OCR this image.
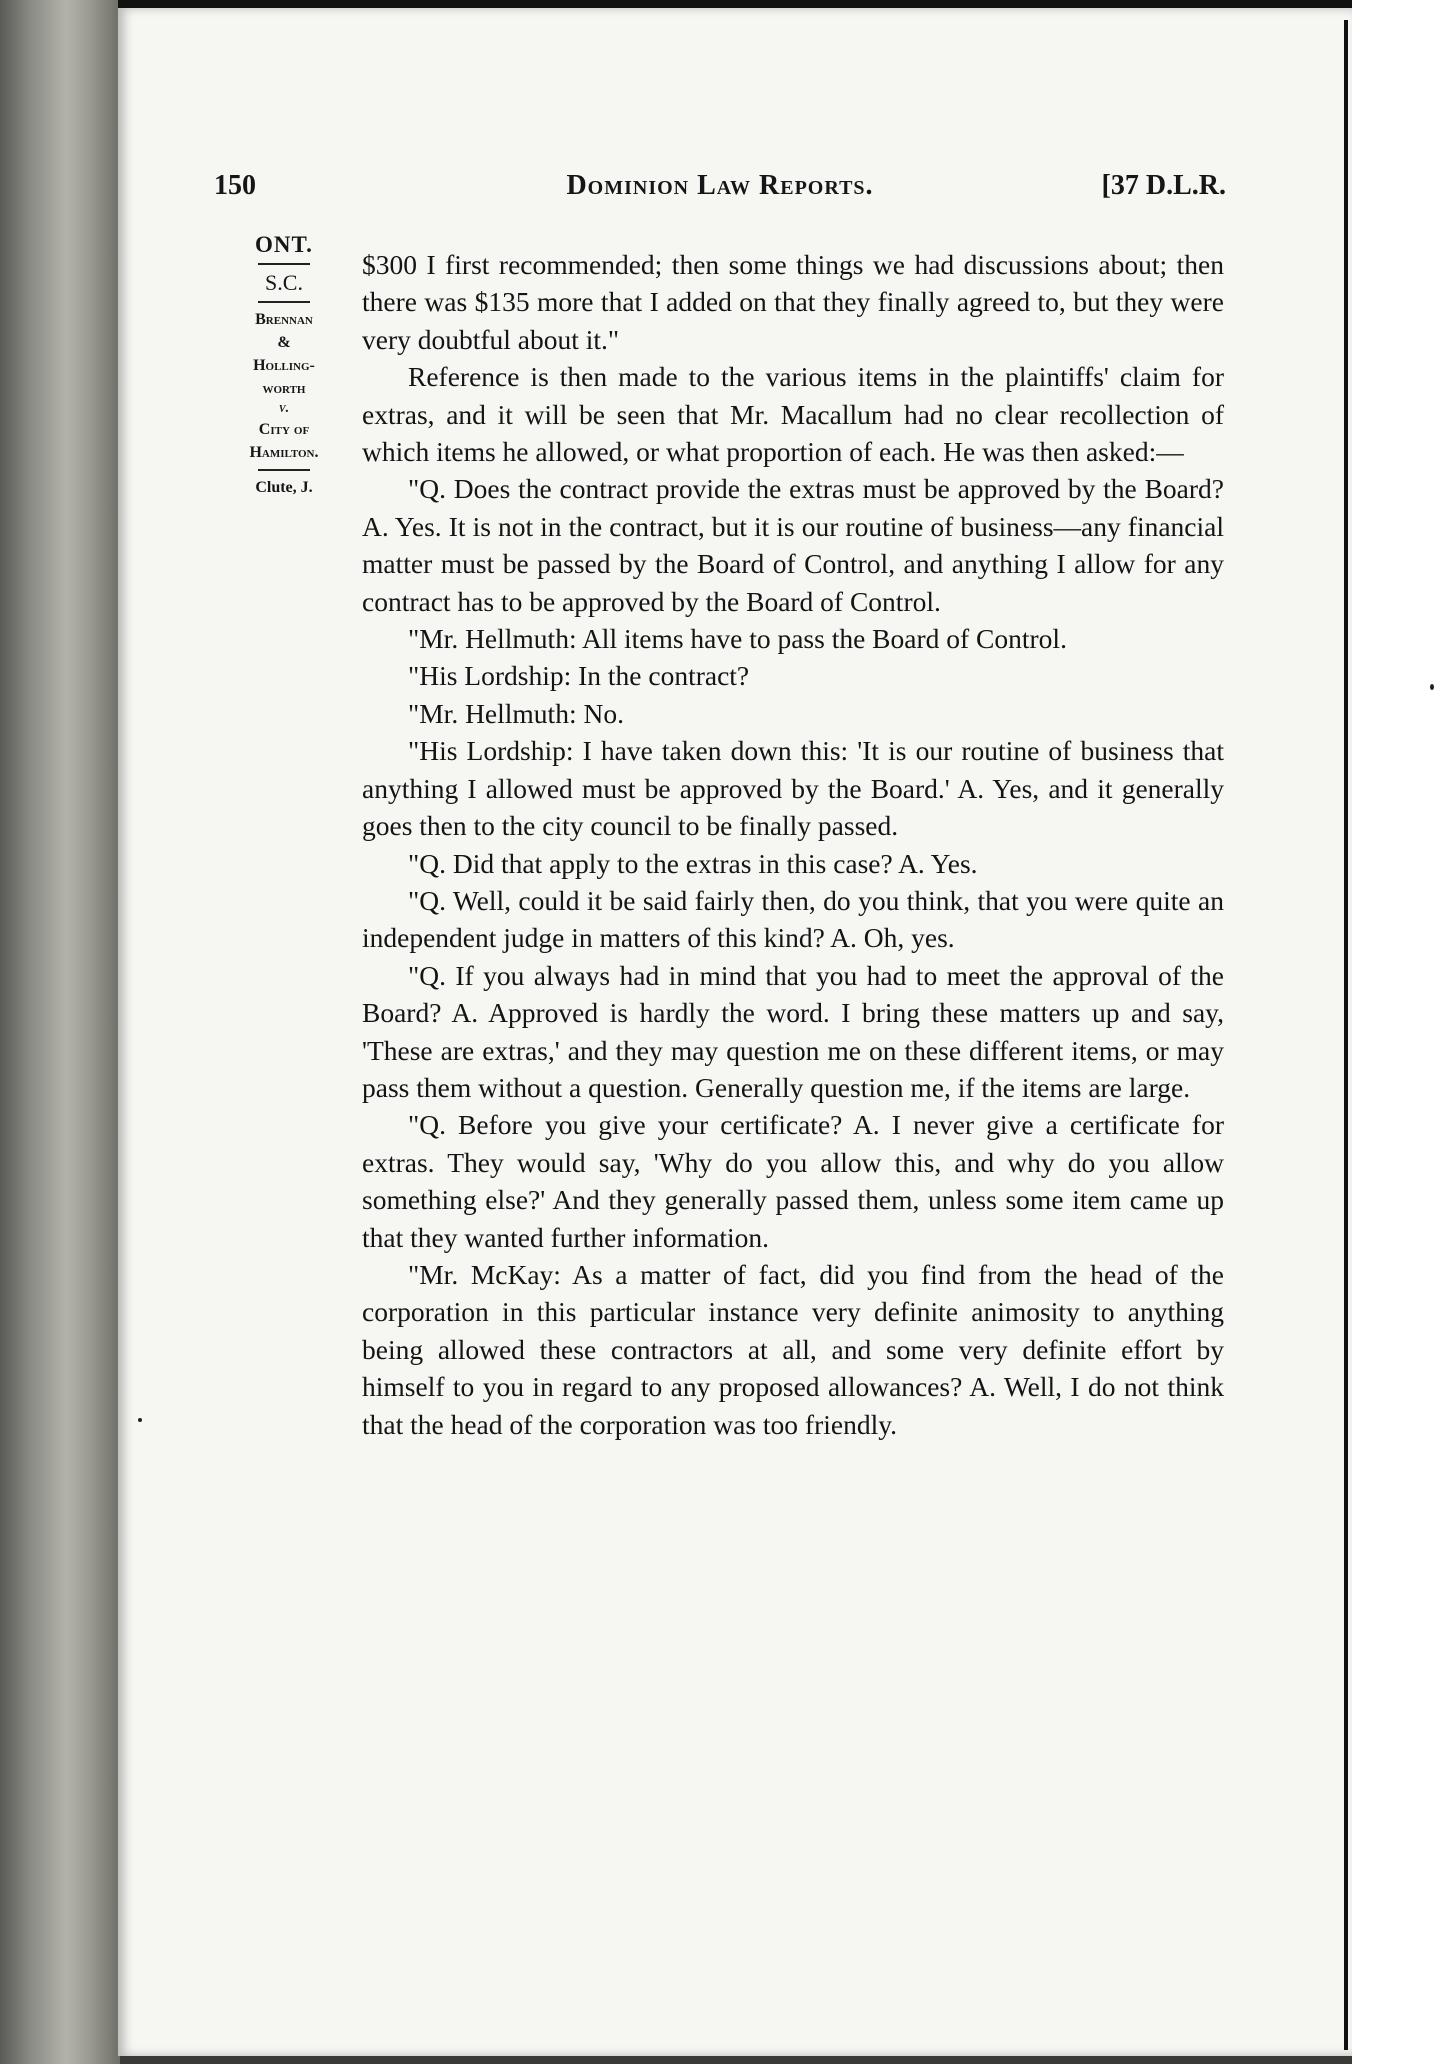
150	Dominion Law Reports.	[37 D.L.R.
ONT.
S.C.
Brennan
&
Holling-
worth
v.
City of
Hamilton.
Clute, J.

$300 I first recommended; then some things we had discussions about; then there was $135 more that I added on that they finally agreed to, but they were very doubtful about it."

Reference is then made to the various items in the plaintiffs' claim for extras, and it will be seen that Mr. Macallum had no clear recollection of which items he allowed, or what proportion of each. He was then asked:—

"Q. Does the contract provide the extras must be approved by the Board? A. Yes. It is not in the contract, but it is our routine of business—any financial matter must be passed by the Board of Control, and anything I allow for any contract has to be approved by the Board of Control.

"Mr. Hellmuth: All items have to pass the Board of Control.

"His Lordship: In the contract?

"Mr. Hellmuth: No.

"His Lordship: I have taken down this: 'It is our routine of business that anything I allowed must be approved by the Board.' A. Yes, and it generally goes then to the city council to be finally passed.

"Q. Did that apply to the extras in this case? A. Yes.

"Q. Well, could it be said fairly then, do you think, that you were quite an independent judge in matters of this kind? A. Oh, yes.

"Q. If you always had in mind that you had to meet the approval of the Board? A. Approved is hardly the word. I bring these matters up and say, 'These are extras,' and they may question me on these different items, or may pass them without a question. Generally question me, if the items are large.

"Q. Before you give your certificate? A. I never give a certificate for extras. They would say, 'Why do you allow this, and why do you allow something else?' And they generally passed them, unless some item came up that they wanted further information.

"Mr. McKay: As a matter of fact, did you find from the head of the corporation in this particular instance very definite animosity to anything being allowed these contractors at all, and some very definite effort by himself to you in regard to any proposed allowances? A. Well, I do not think that the head of the corporation was too friendly.
